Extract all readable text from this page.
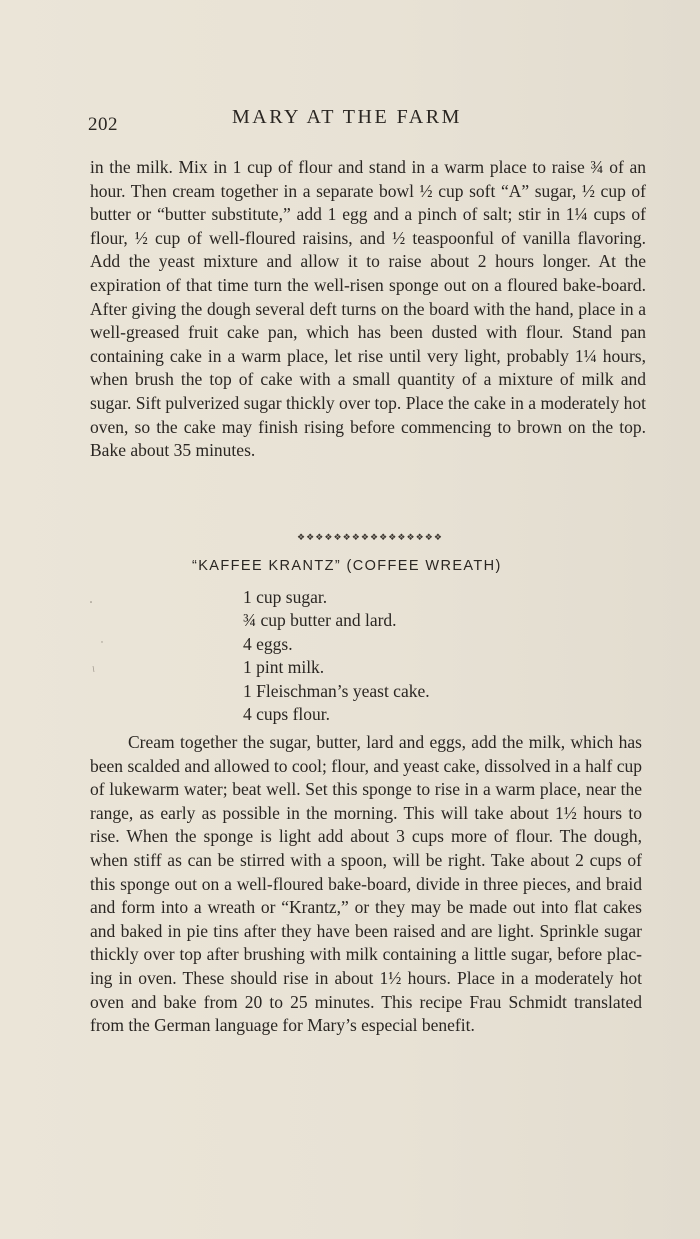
202	MARY AT THE FARM

in the milk. Mix in 1 cup of flour and stand in a warm place to raise ¾ of an hour. Then cream together in a separate bowl ½ cup soft “A” sugar, ½ cup of butter or “butter substitute,” add 1 egg and a pinch of salt; stir in 1¼ cups of flour, ½ cup of well-floured raisins, and ½ teaspoonful of vanilla flavoring. Add the yeast mixture and allow it to raise about 2 hours longer. At the expiration of that time turn the well-risen sponge out on a floured bake-board. After giving the dough several deft turns on the board with the hand, place in a well-greased fruit cake pan, which has been dusted with flour. Stand pan containing cake in a warm place, let rise until very light, probably 1¼ hours, when brush the top of cake with a small quantity of a mixture of milk and sugar. Sift pulverized sugar thickly over top. Place the cake in a moderately hot oven, so the cake may finish rising before commencing to brown on the top. Bake about 35 minutes.

❖ ❖ ❖ ❖ ❖ ❖ ❖ ❖ ❖ ❖ ❖ ❖ ❖ ❖ ❖ ❖
“KAFFEE KRANTZ” (COFFEE WREATH)
1 cup sugar.
¾ cup butter and lard.
4 eggs.
1 pint milk.
1 Fleischman’s yeast cake.
4 cups flour.

Cream together the sugar, butter, lard and eggs, add the milk, which has been scalded and allowed to cool; flour, and yeast cake, dissolved in a half cup of lukewarm water; beat well. Set this sponge to rise in a warm place, near the range, as early as possible in the morning. This will take about 1½ hours to rise. When the sponge is light add about 3 cups more of flour. The dough, when stiff as can be stirred with a spoon, will be right. Take about 2 cups of this sponge out on a well-floured bake-board, divide in three pieces, and braid and form into a wreath or “Krantz,” or they may be made out into flat cakes and baked in pie tins after they have been raised and are light. Sprinkle sugar thickly over top after brushing with milk containing a little sugar, before placing in oven. These should rise in about 1½ hours. Place in a moderately hot oven and bake from 20 to 25 minutes. This recipe Frau Schmidt translated from the German language for Mary’s especial benefit.
